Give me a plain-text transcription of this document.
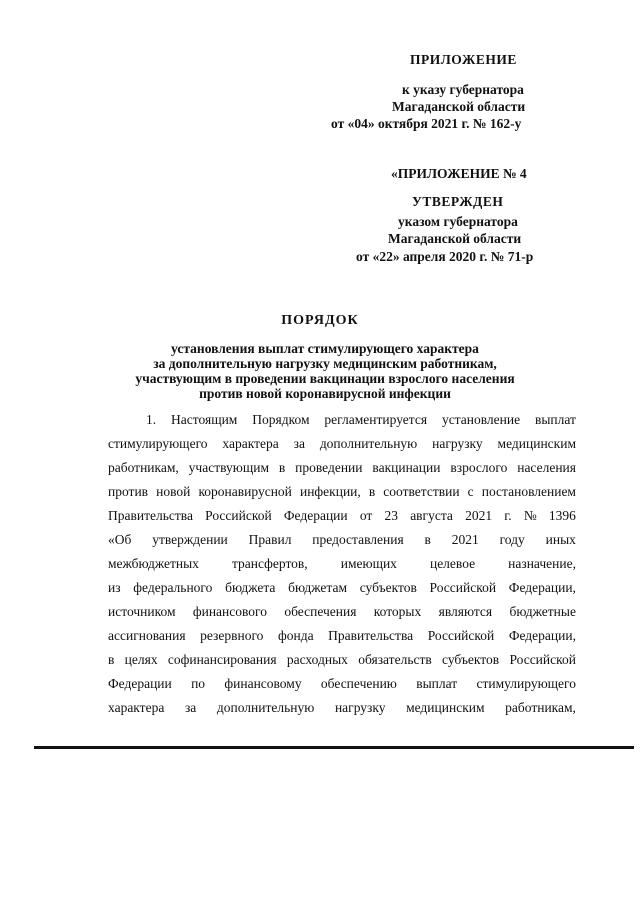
ПРИЛОЖЕНИЕ
к указу губернатора
Магаданской области
от «04» октября 2021 г. № 162-у
«ПРИЛОЖЕНИЕ № 4
УТВЕРЖДЕН
указом губернатора
Магаданской области
от «22» апреля 2020 г. № 71-р
ПОРЯДОК
установления выплат стимулирующего характера
за дополнительную нагрузку медицинским работникам,
участвующим в проведении вакцинации взрослого населения
против новой коронавирусной инфекции
1. Настоящим Порядком регламентируется установление выплат
стимулирующего характера за дополнительную нагрузку медицинским
работникам, участвующим в проведении вакцинации взрослого населения
против новой коронавирусной инфекции, в соответствии с постановлением
Правительства Российской Федерации от 23 августа 2021 г. № 1396
«Об утверждении Правил предоставления в 2021 году иных
межбюджетных трансфертов, имеющих целевое назначение,
из федерального бюджета бюджетам субъектов Российской Федерации,
источником финансового обеспечения которых являются бюджетные
ассигнования резервного фонда Правительства Российской Федерации,
в целях софинансирования расходных обязательств субъектов Российской
Федерации по финансовому обеспечению выплат стимулирующего
характера за дополнительную нагрузку медицинским работникам,
